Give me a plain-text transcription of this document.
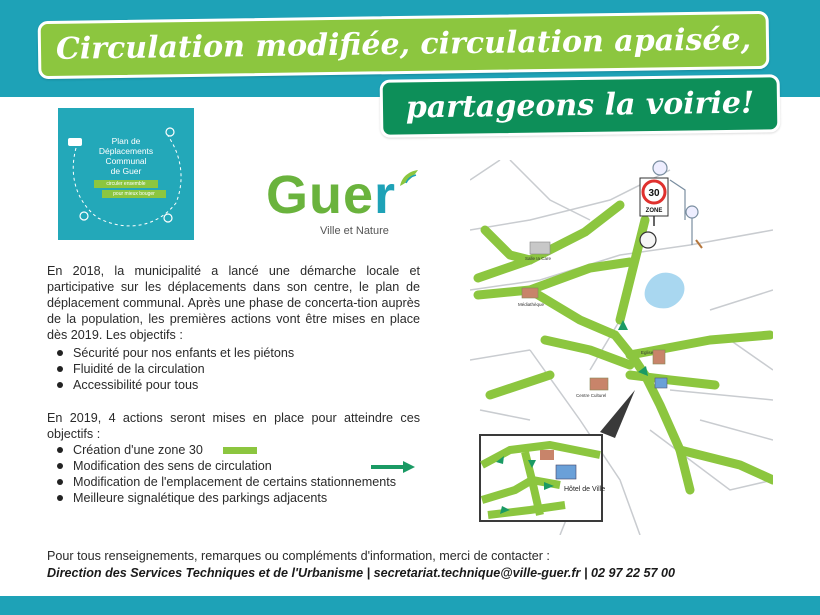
Circulation modifiée, circulation apaisée,
partageons la voirie!
Plan de
Déplacements
Communal
de Guer
circuler ensemble
pour mieux bouger Guer
Ville et Nature
En 2018, la municipalité a lancé une démarche locale et participative sur les déplacements dans son centre, le plan de déplacement communal. Après une phase de concerta-tion auprès de la population, les premières actions vont être mises en place dès 2019. Les objectifs :
Sécurité pour nos enfants et les piétons
Fluidité de la circulation
Accessibilité pour tous
En 2019, 4 actions seront mises en place pour atteindre ces objectifs :
Création d'une zone 30
Modification des sens de circulation
Modification de l'emplacement de certains stationnements
Meilleure signalétique des parkings adjacents
Salle Ia Care
Médiathèque
Eglise
Centre Culturel
30
ZONE
Hôtel de Ville
Pour tous renseignements, remarques ou compléments d'information, merci de contacter :
Direction des Services Techniques et de l'Urbanisme | secretariat.technique@ville-guer.fr | 02 97 22 57 00
